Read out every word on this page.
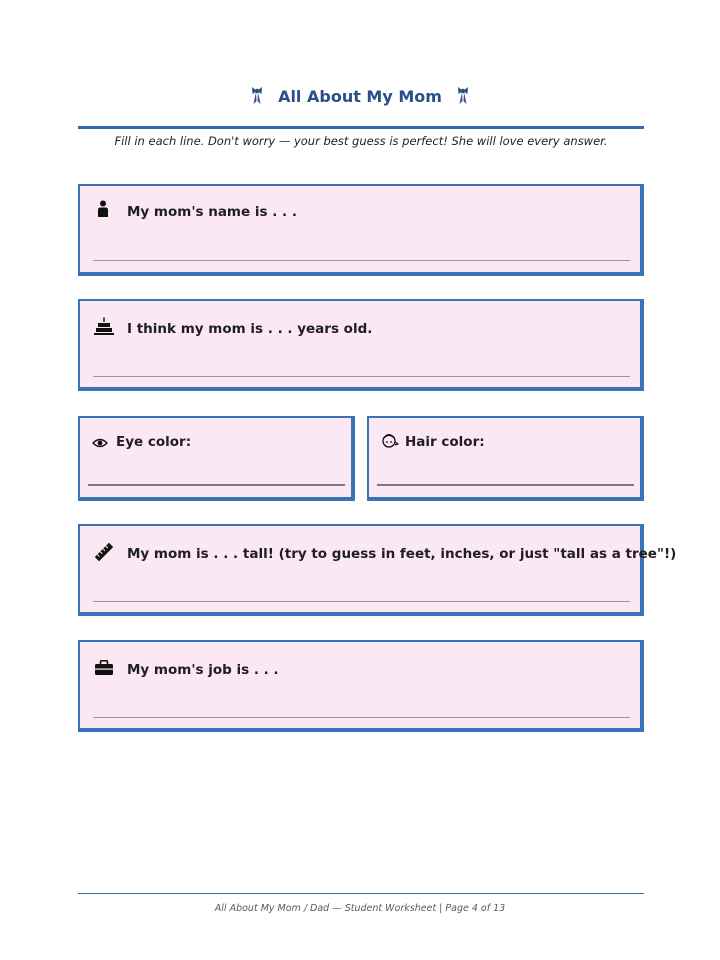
All About My Mom
Fill in each line. Don't worry — your best guess is perfect! She will love every answer.
My mom's name is . . .
I think my mom is . . . years old.
Eye color:	Hair color:
My mom is . . . tall! (try to guess in feet, inches, or just "tall as a tree"!)
My mom's job is . . .
All About My Mom / Dad — Student Worksheet | Page 4 of 13
